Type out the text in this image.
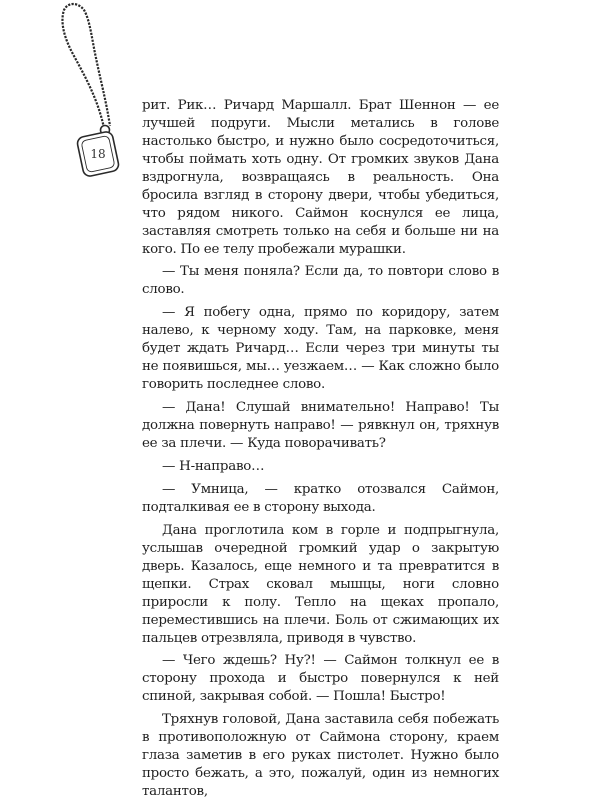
18

рит. Рик… Ричард Маршалл. Брат Шеннон — ее лучшей подруги. Мысли метались в голове настолько быстро, и нужно было сосредоточиться, чтобы поймать хоть одну. От громких звуков Дана вздрогнула, возвращаясь в реальность. Она бросила взгляд в сторону двери, чтобы убедиться, что рядом никого. Саймон коснулся ее лица, заставляя смотреть только на себя и больше ни на кого. По ее телу пробежали мурашки.

— Ты меня поняла? Если да, то повтори слово в слово.

— Я побегу одна, прямо по коридору, затем налево, к черному ходу. Там, на парковке, меня будет ждать Ричард… Если через три минуты ты не появишься, мы… уезжаем… — Как сложно было говорить последнее слово.

— Дана! Слушай внимательно! Направо! Ты должна повернуть направо! — рявкнул он, тряхнув ее за плечи. — Куда поворачивать?

— Н-направо…

— Умница, — кратко отозвался Саймон, подталкивая ее в сторону выхода.

Дана проглотила ком в горле и подпрыгнула, услышав очередной громкий удар о закрытую дверь. Казалось, еще немного и та превратится в щепки. Страх сковал мышцы, ноги словно приросли к полу. Тепло на щеках пропало, переместившись на плечи. Боль от сжимающих их пальцев отрезвляла, приводя в чувство.

— Чего ждешь? Ну?! — Саймон толкнул ее в сторону прохода и быстро повернулся к ней спиной, закрывая собой. — Пошла! Быстро!

Тряхнув головой, Дана заставила себя побежать в противоположную от Саймона сторону, краем глаза заметив в его руках пистолет. Нужно было просто бежать, а это, пожалуй, один из немногих талантов,
